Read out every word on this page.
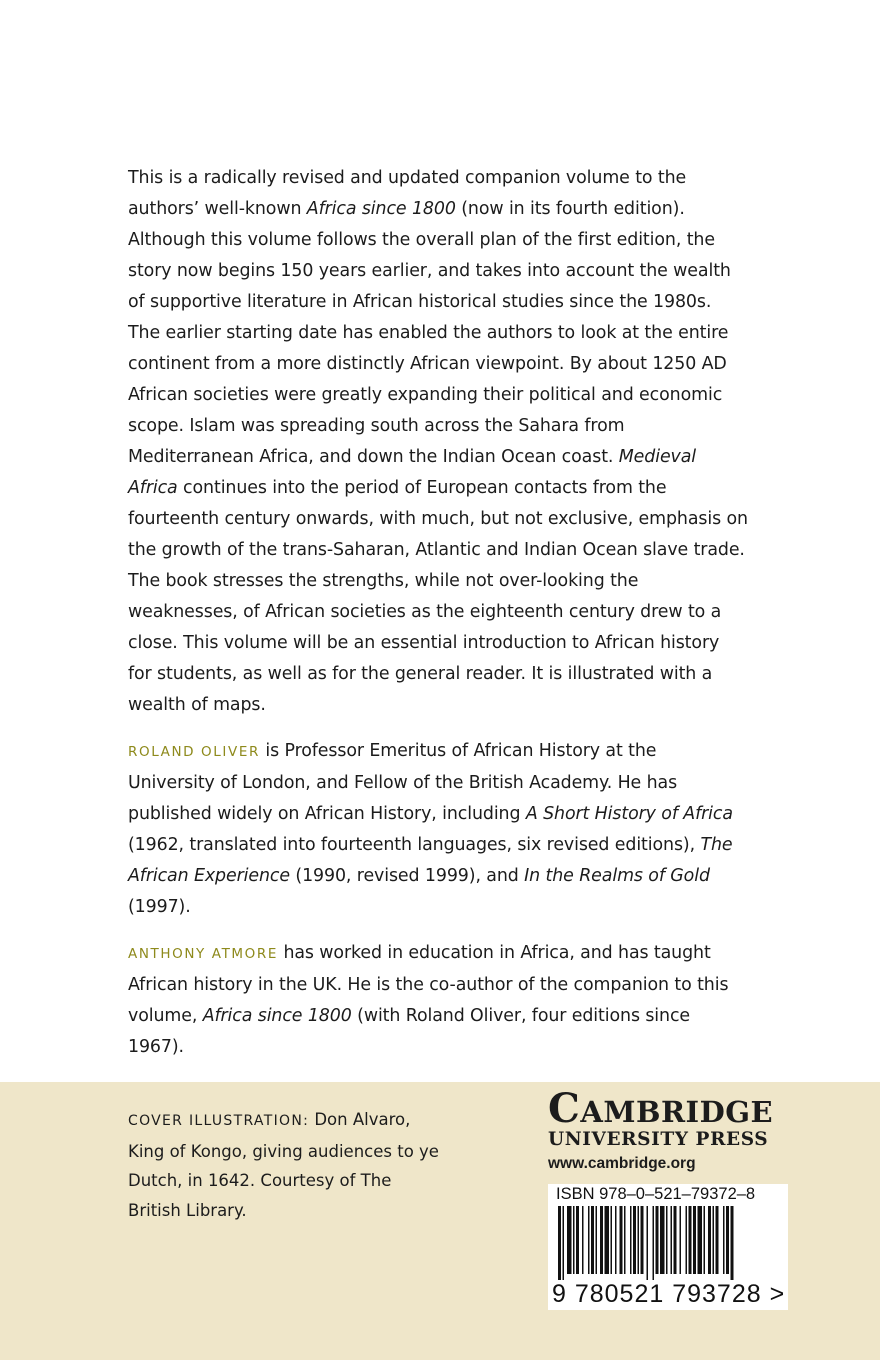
This is a radically revised and updated companion volume to the authors’ well-known Africa since 1800 (now in its fourth edition). Although this volume follows the overall plan of the first edition, the story now begins 150 years earlier, and takes into account the wealth of supportive literature in African historical studies since the 1980s. The earlier starting date has enabled the authors to look at the entire continent from a more distinctly African viewpoint. By about 1250 AD African societies were greatly expanding their political and economic scope. Islam was spreading south across the Sahara from Mediterranean Africa, and down the Indian Ocean coast. Medieval Africa continues into the period of European contacts from the fourteenth century onwards, with much, but not exclusive, emphasis on the growth of the trans-Saharan, Atlantic and Indian Ocean slave trade. The book stresses the strengths, while not over-looking the weaknesses, of African societies as the eighteenth century drew to a close. This volume will be an essential introduction to African history for students, as well as for the general reader. It is illustrated with a wealth of maps.

ROLAND OLIVER is Professor Emeritus of African History at the University of London, and Fellow of the British Academy. He has published widely on African History, including A Short History of Africa (1962, translated into fourteenth languages, six revised editions), The African Experience (1990, revised 1999), and In the Realms of Gold (1997).

ANTHONY ATMORE has worked in education in Africa, and has taught African history in the UK. He is the co-author of the companion to this volume, Africa since 1800 (with Roland Oliver, four editions since 1967).

COVER ILLUSTRATION: Don Alvaro, King of Kongo, giving audiences to ye Dutch, in 1642. Courtesy of The British Library.
CAMBRIDGE
UNIVERSITY PRESS
www.cambridge.org
ISBN 978–0–521–79372–8
9 780521 793728 >
